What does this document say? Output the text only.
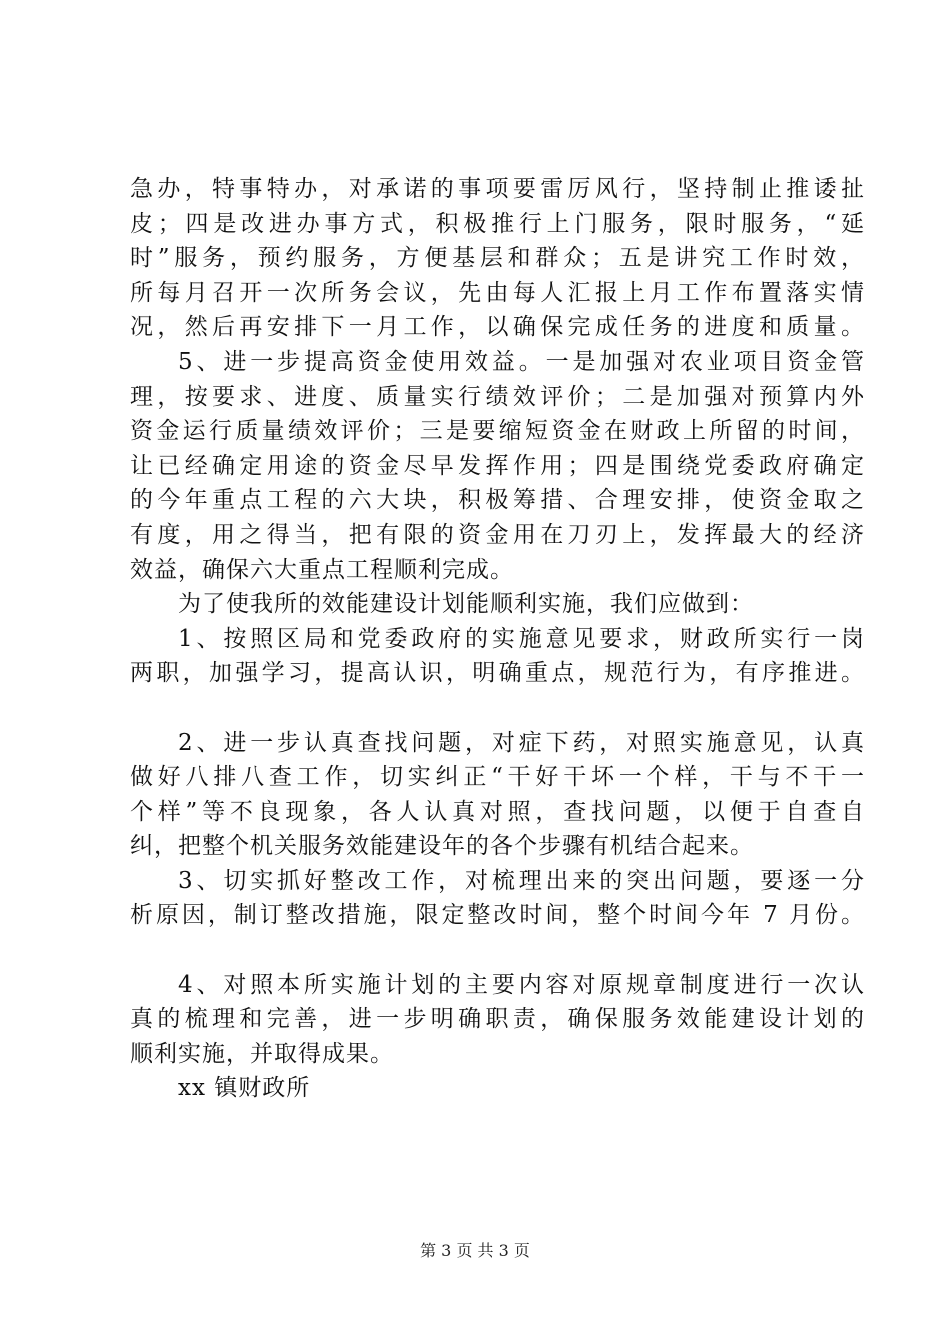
急办，特事特办，对承诺的事项要雷厉风行，坚持制止推诿扯
皮；四是改进办事方式，积极推行上门服务，限时服务，“延
时”服务，预约服务，方便基层和群众；五是讲究工作时效，
所每月召开一次所务会议，先由每人汇报上月工作布置落实情
况，然后再安排下一月工作，以确保完成任务的进度和质量。
5、进一步提高资金使用效益。一是加强对农业项目资金管
理，按要求、进度、质量实行绩效评价；二是加强对预算内外
资金运行质量绩效评价；三是要缩短资金在财政上所留的时间，
让已经确定用途的资金尽早发挥作用；四是围绕党委政府确定
的今年重点工程的六大块，积极筹措、合理安排，使资金取之
有度，用之得当，把有限的资金用在刀刃上，发挥最大的经济
效益，确保六大重点工程顺利完成。
为了使我所的效能建设计划能顺利实施，我们应做到：
1、按照区局和党委政府的实施意见要求，财政所实行一岗
两职，加强学习，提高认识，明确重点，规范行为，有序推进。
2、进一步认真查找问题，对症下药，对照实施意见，认真
做好八排八查工作，切实纠正“干好干坏一个样，干与不干一
个样”等不良现象，各人认真对照，查找问题，以便于自查自
纠，把整个机关服务效能建设年的各个步骤有机结合起来。
3、切实抓好整改工作，对梳理出来的突出问题，要逐一分
析原因，制订整改措施，限定整改时间，整个时间今年 7 月份。
4、对照本所实施计划的主要内容对原规章制度进行一次认
真的梳理和完善，进一步明确职责，确保服务效能建设计划的
顺利实施，并取得成果。
xx 镇财政所
第 3 页 共 3 页
